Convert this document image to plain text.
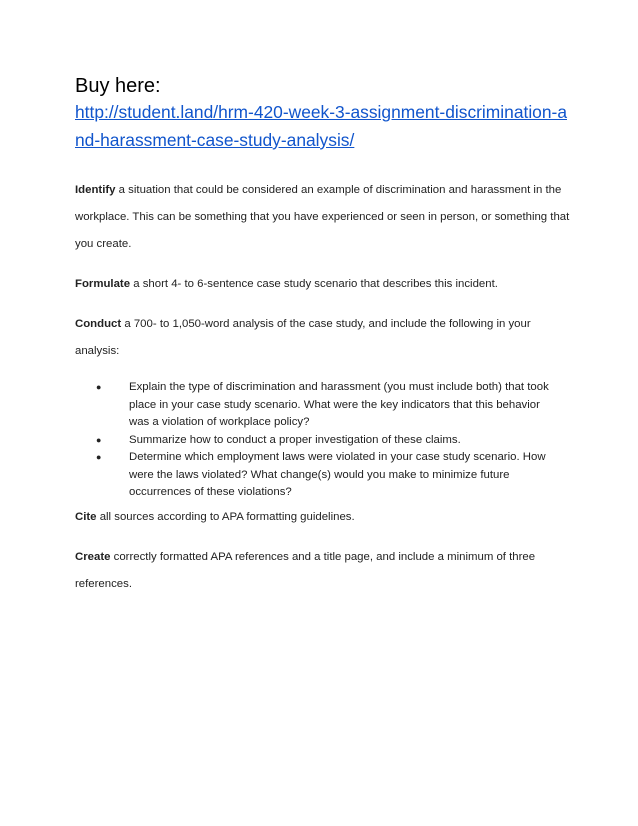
Buy here:

http://student.land/hrm-420-week-3-assignment-discrimination-and-harassment-case-study-analysis/

Identify a situation that could be considered an example of discrimination and harassment in the workplace. This can be something that you have experienced or seen in person, or something that you create.

Formulate a short 4- to 6-sentence case study scenario that describes this incident.

Conduct a 700- to 1,050-word analysis of the case study, and include the following in your analysis:

● Explain the type of discrimination and harassment (you must include both) that took place in your case study scenario. What were the key indicators that this behavior was a violation of workplace policy?
● Summarize how to conduct a proper investigation of these claims.
● Determine which employment laws were violated in your case study scenario. How were the laws violated? What change(s) would you make to minimize future occurrences of these violations?

Cite all sources according to APA formatting guidelines.

Create correctly formatted APA references and a title page, and include a minimum of three references.
